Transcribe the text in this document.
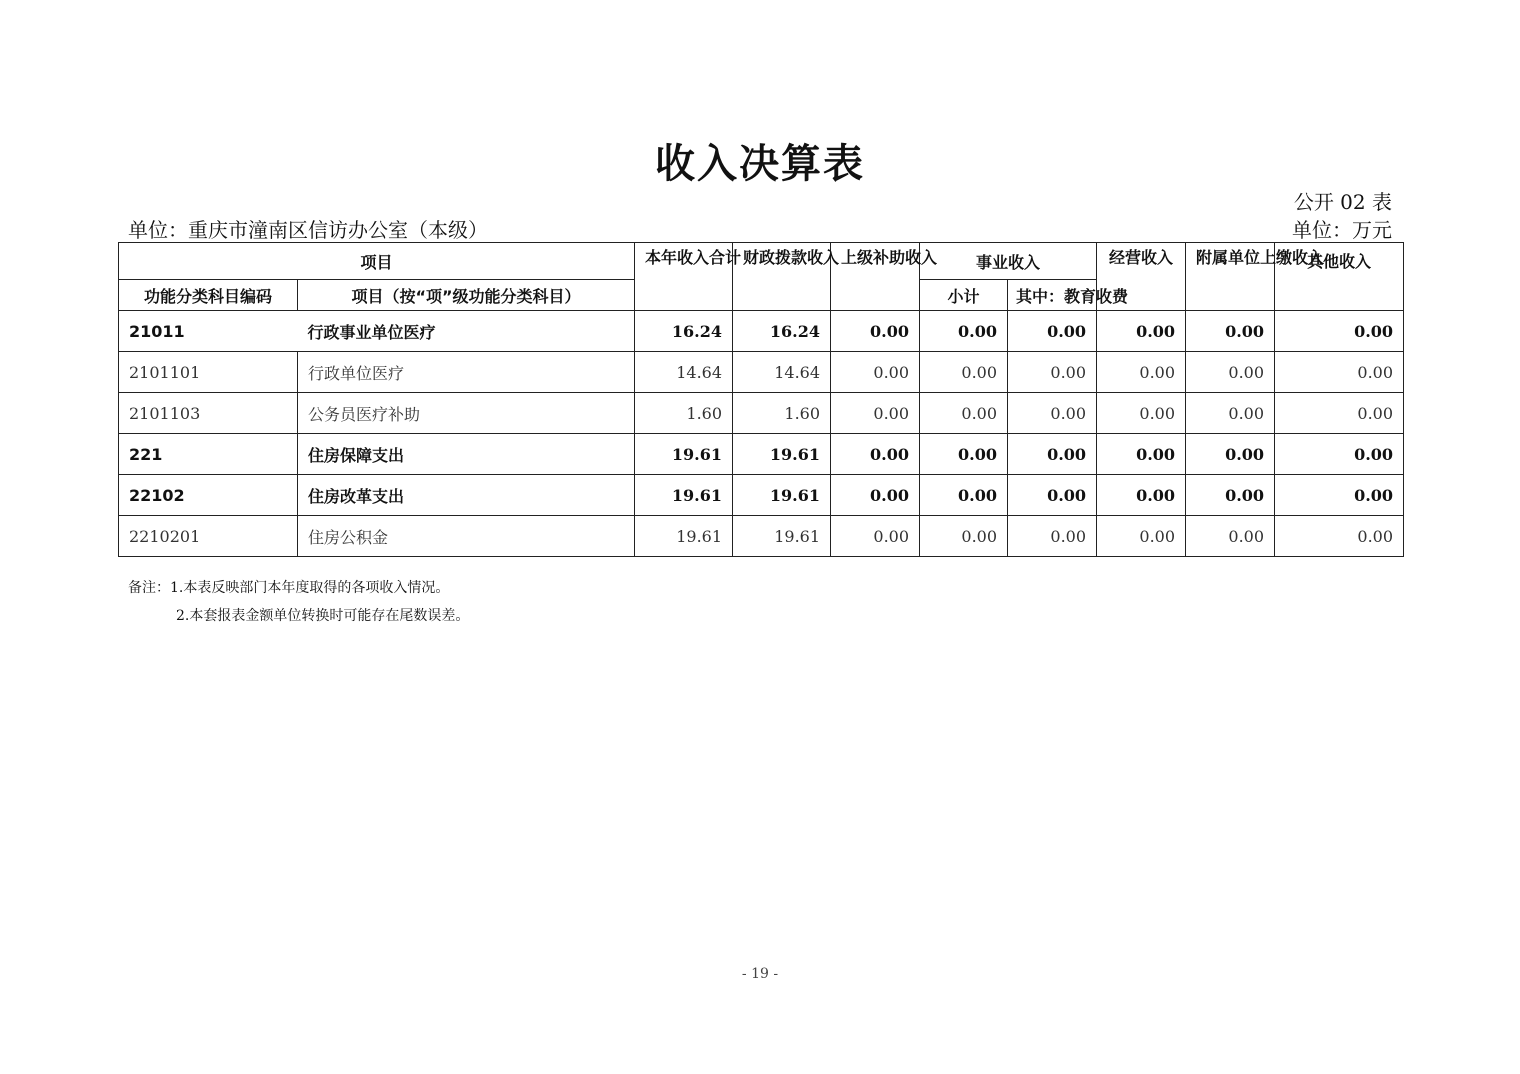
收入决算表
公开 02 表
单位：重庆市潼南区信访办公室（本级）	单位：万元
项目		本年收入合计	财政拨款收入	上级补助收入	事业收入		经营收入	附属单位上缴收入	其他收入
功能分类科目编码	项目（按“项”级功能分类科目）				小计	其中：教育收费			
21011	行政事业单位医疗	16.24	16.24	0.00	0.00	0.00	0.00	0.00	0.00
2101101	行政单位医疗	14.64	14.64	0.00	0.00	0.00	0.00	0.00	0.00
2101103	公务员医疗补助	1.60	1.60	0.00	0.00	0.00	0.00	0.00	0.00
221	住房保障支出	19.61	19.61	0.00	0.00	0.00	0.00	0.00	0.00
22102	住房改革支出	19.61	19.61	0.00	0.00	0.00	0.00	0.00	0.00
2210201	住房公积金	19.61	19.61	0.00	0.00	0.00	0.00	0.00	0.00
备注：1.本表反映部门本年度取得的各项收入情况。
2.本套报表金额单位转换时可能存在尾数误差。
- 19 -
